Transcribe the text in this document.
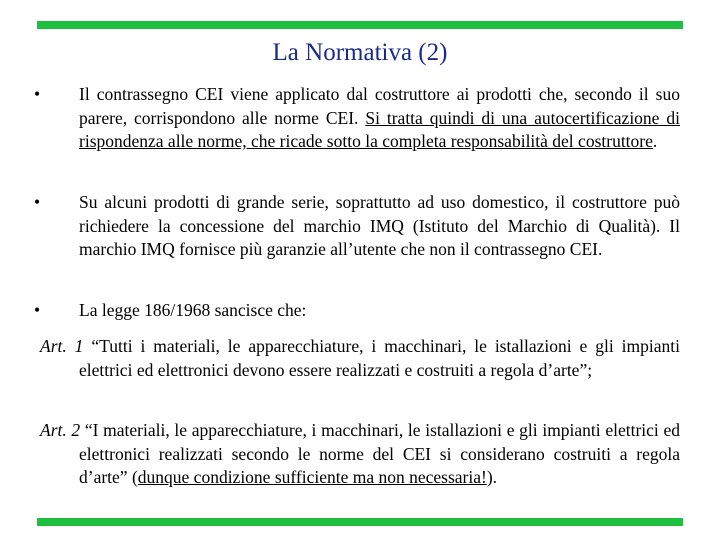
La Normativa (2)
•	Il contrassegno CEI viene applicato dal costruttore ai prodotti che, secondo il suo parere, corrispondono alle norme CEI. Si tratta quindi di una autocertificazione di rispondenza alle norme, che ricade sotto la completa responsabilità del costruttore.
•	Su alcuni prodotti di grande serie, soprattutto ad uso domestico, il costruttore può richiedere la concessione del marchio IMQ (Istituto del Marchio di Qualità). Il marchio IMQ fornisce più garanzie all’utente che non il contrassegno CEI.
•	La legge 186/1968 sancisce che:
Art. 1 “Tutti i materiali, le apparecchiature, i macchinari, le istallazioni e gli impianti elettrici ed elettronici devono essere realizzati e costruiti a regola d’arte”;
Art. 2 “I materiali, le apparecchiature, i macchinari, le istallazioni e gli impianti elettrici ed elettronici realizzati secondo le norme del CEI si considerano costruiti a regola d’arte” (dunque condizione sufficiente ma non necessaria!).
